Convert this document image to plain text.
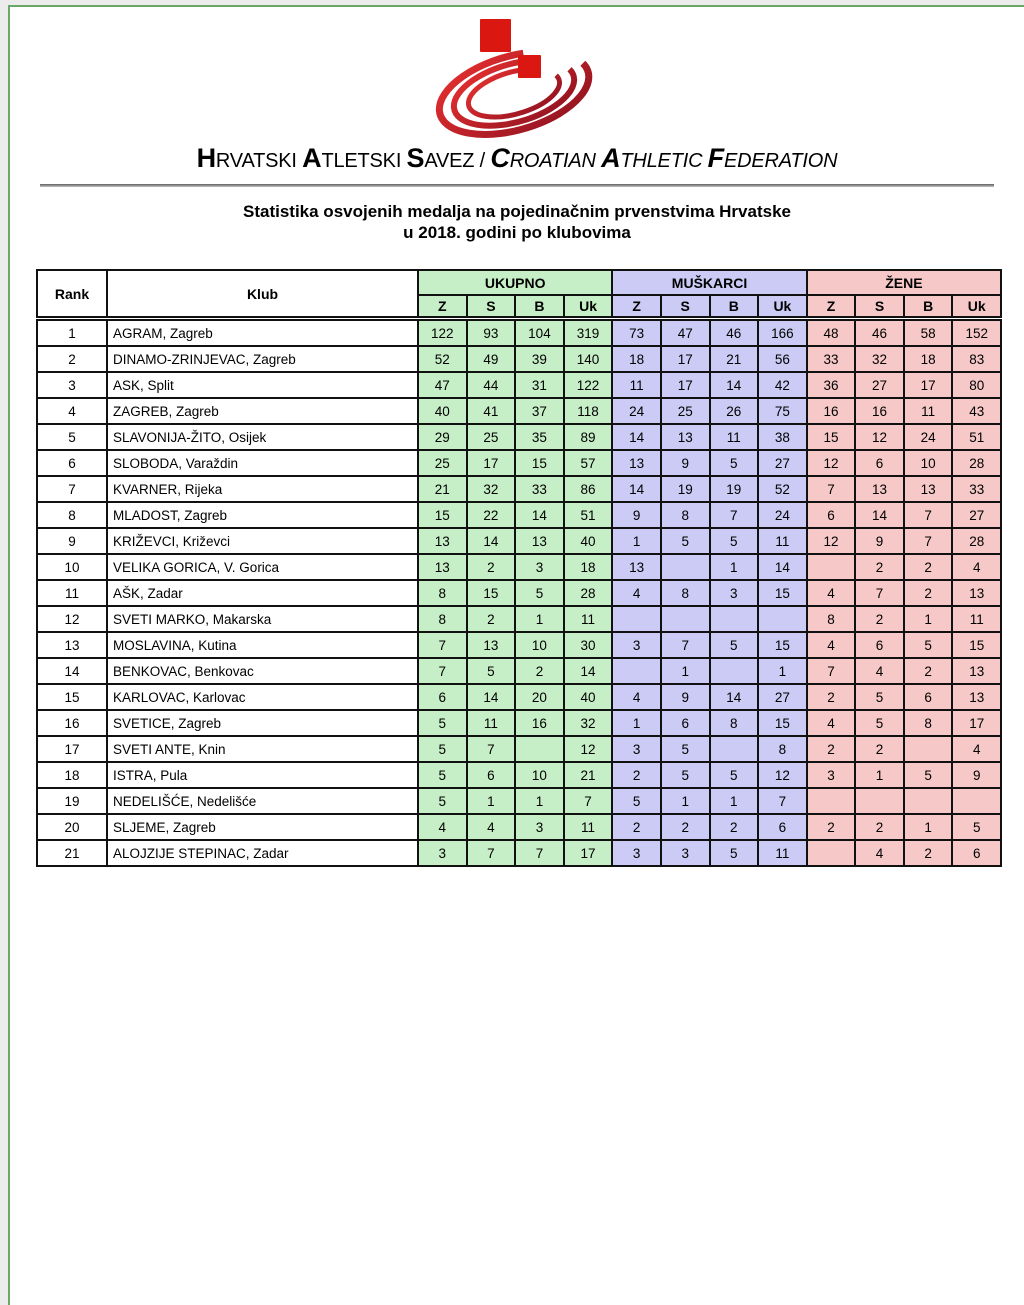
HRVATSKI ATLETSKI SAVEZ / CROATIAN ATHLETIC FEDERATION
Statistika osvojenih medalja na pojedinačnim prvenstvima Hrvatske
u 2018. godini po klubovima
Rank	Klub	UKUPNO				MUŠKARCI				ŽENE			
		Z	S	B	Uk	Z	S	B	Uk	Z	S	B	Uk
1	AGRAM, Zagreb	122	93	104	319	73	47	46	166	48	46	58	152
2	DINAMO-ZRINJEVAC, Zagreb	52	49	39	140	18	17	21	56	33	32	18	83
3	ASK, Split	47	44	31	122	11	17	14	42	36	27	17	80
4	ZAGREB, Zagreb	40	41	37	118	24	25	26	75	16	16	11	43
5	SLAVONIJA-ŽITO, Osijek	29	25	35	89	14	13	11	38	15	12	24	51
6	SLOBODA, Varaždin	25	17	15	57	13	9	5	27	12	6	10	28
7	KVARNER, Rijeka	21	32	33	86	14	19	19	52	7	13	13	33
8	MLADOST, Zagreb	15	22	14	51	9	8	7	24	6	14	7	27
9	KRIŽEVCI, Križevci	13	14	13	40	1	5	5	11	12	9	7	28
10	VELIKA GORICA, V. Gorica	13	2	3	18	13		1	14		2	2	4
11	AŠK, Zadar	8	15	5	28	4	8	3	15	4	7	2	13
12	SVETI MARKO, Makarska	8	2	1	11					8	2	1	11
13	MOSLAVINA, Kutina	7	13	10	30	3	7	5	15	4	6	5	15
14	BENKOVAC, Benkovac	7	5	2	14		1		1	7	4	2	13
15	KARLOVAC, Karlovac	6	14	20	40	4	9	14	27	2	5	6	13
16	SVETICE, Zagreb	5	11	16	32	1	6	8	15	4	5	8	17
17	SVETI ANTE, Knin	5	7		12	3	5		8	2	2		4
18	ISTRA, Pula	5	6	10	21	2	5	5	12	3	1	5	9
19	NEDELIŠĆE, Nedelišće	5	1	1	7	5	1	1	7				
20	SLJEME, Zagreb	4	4	3	11	2	2	2	6	2	2	1	5
21	ALOJZIJE STEPINAC, Zadar	3	7	7	17	3	3	5	11		4	2	6
